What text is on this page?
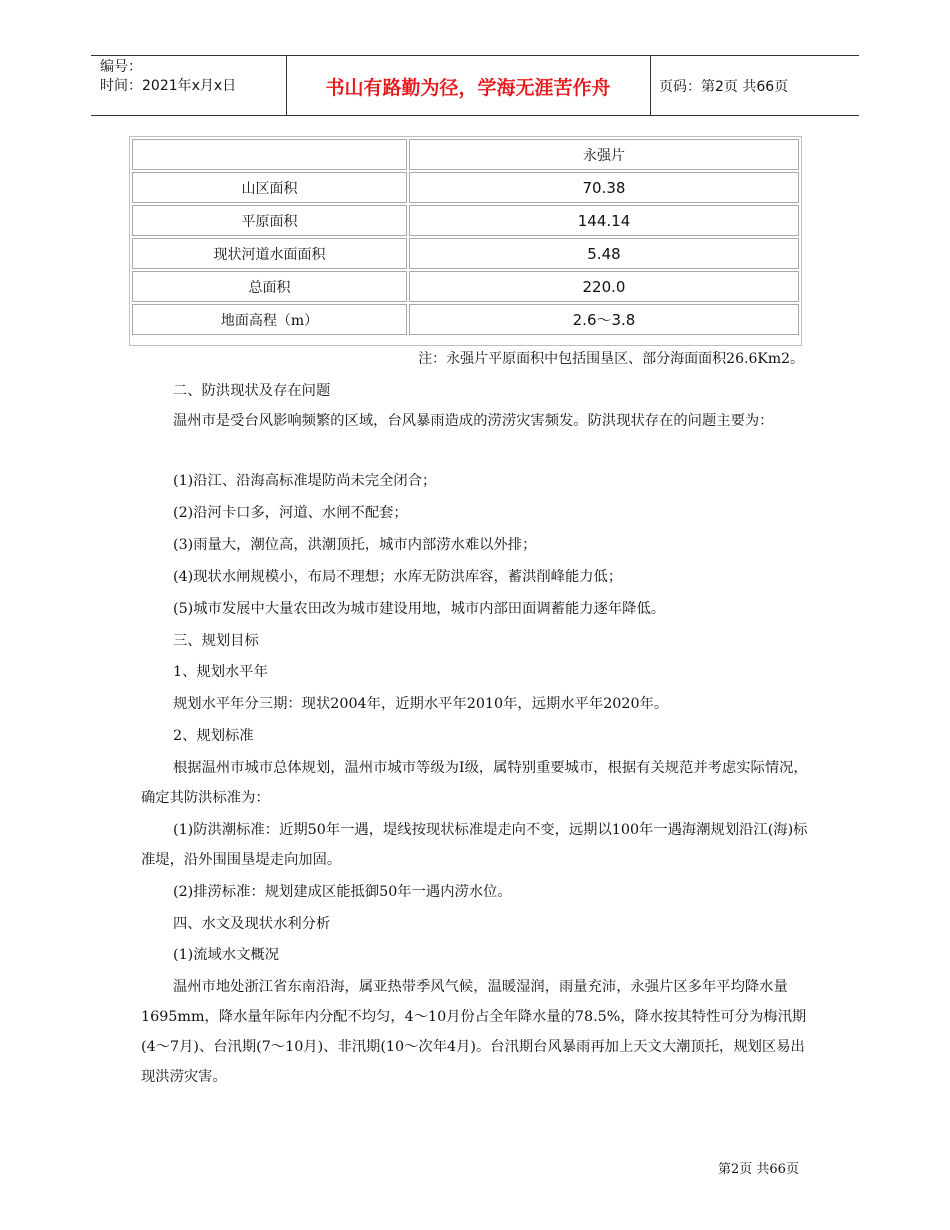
编号：
时间：2021年x月x日	书山有路勤为径，学海无涯苦作舟	页码：第2页 共66页
	永强片
山区面积	70.38
平原面积	144.14
现状河道水面面积	5.48
总面积	220.0
地面高程（m）	2.6～3.8
注：永强片平原面积中包括围垦区、部分海面面积26.6Km2。
二、防洪现状及存在问题
温州市是受台风影响频繁的区域，台风暴雨造成的涝涝灾害频发。防洪现状存在的问题主要为：
(1)沿江、沿海高标准堤防尚未完全闭合；
(2)沿河卡口多，河道、水闸不配套；
(3)雨量大，潮位高，洪潮顶托，城市内部涝水难以外排；
(4)现状水闸规模小，布局不理想；水库无防洪库容，蓄洪削峰能力低；
(5)城市发展中大量农田改为城市建设用地，城市内部田面调蓄能力逐年降低。
三、规划目标
1、规划水平年
规划水平年分三期：现状2004年，近期水平年2010年，远期水平年2020年。
2、规划标准
根据温州市城市总体规划，温州市城市等级为I级，属特别重要城市，根据有关规范并考虑实际情况，确定其防洪标准为：
(1)防洪潮标准：近期50年一遇，堤线按现状标准堤走向不变，远期以100年一遇海潮规划沿江(海)标准堤，沿外围围垦堤走向加固。
(2)排涝标准：规划建成区能抵御50年一遇内涝水位。
四、水文及现状水利分析
(1)流域水文概况
温州市地处浙江省东南沿海，属亚热带季风气候，温暖湿润，雨量充沛，永强片区多年平均降水量1695mm，降水量年际年内分配不均匀，4～10月份占全年降水量的78.5%，降水按其特性可分为梅汛期(4～7月)、台汛期(7～10月)、非汛期(10～次年4月)。台汛期台风暴雨再加上天文大潮顶托，规划区易出现洪涝灾害。
第2页 共66页
